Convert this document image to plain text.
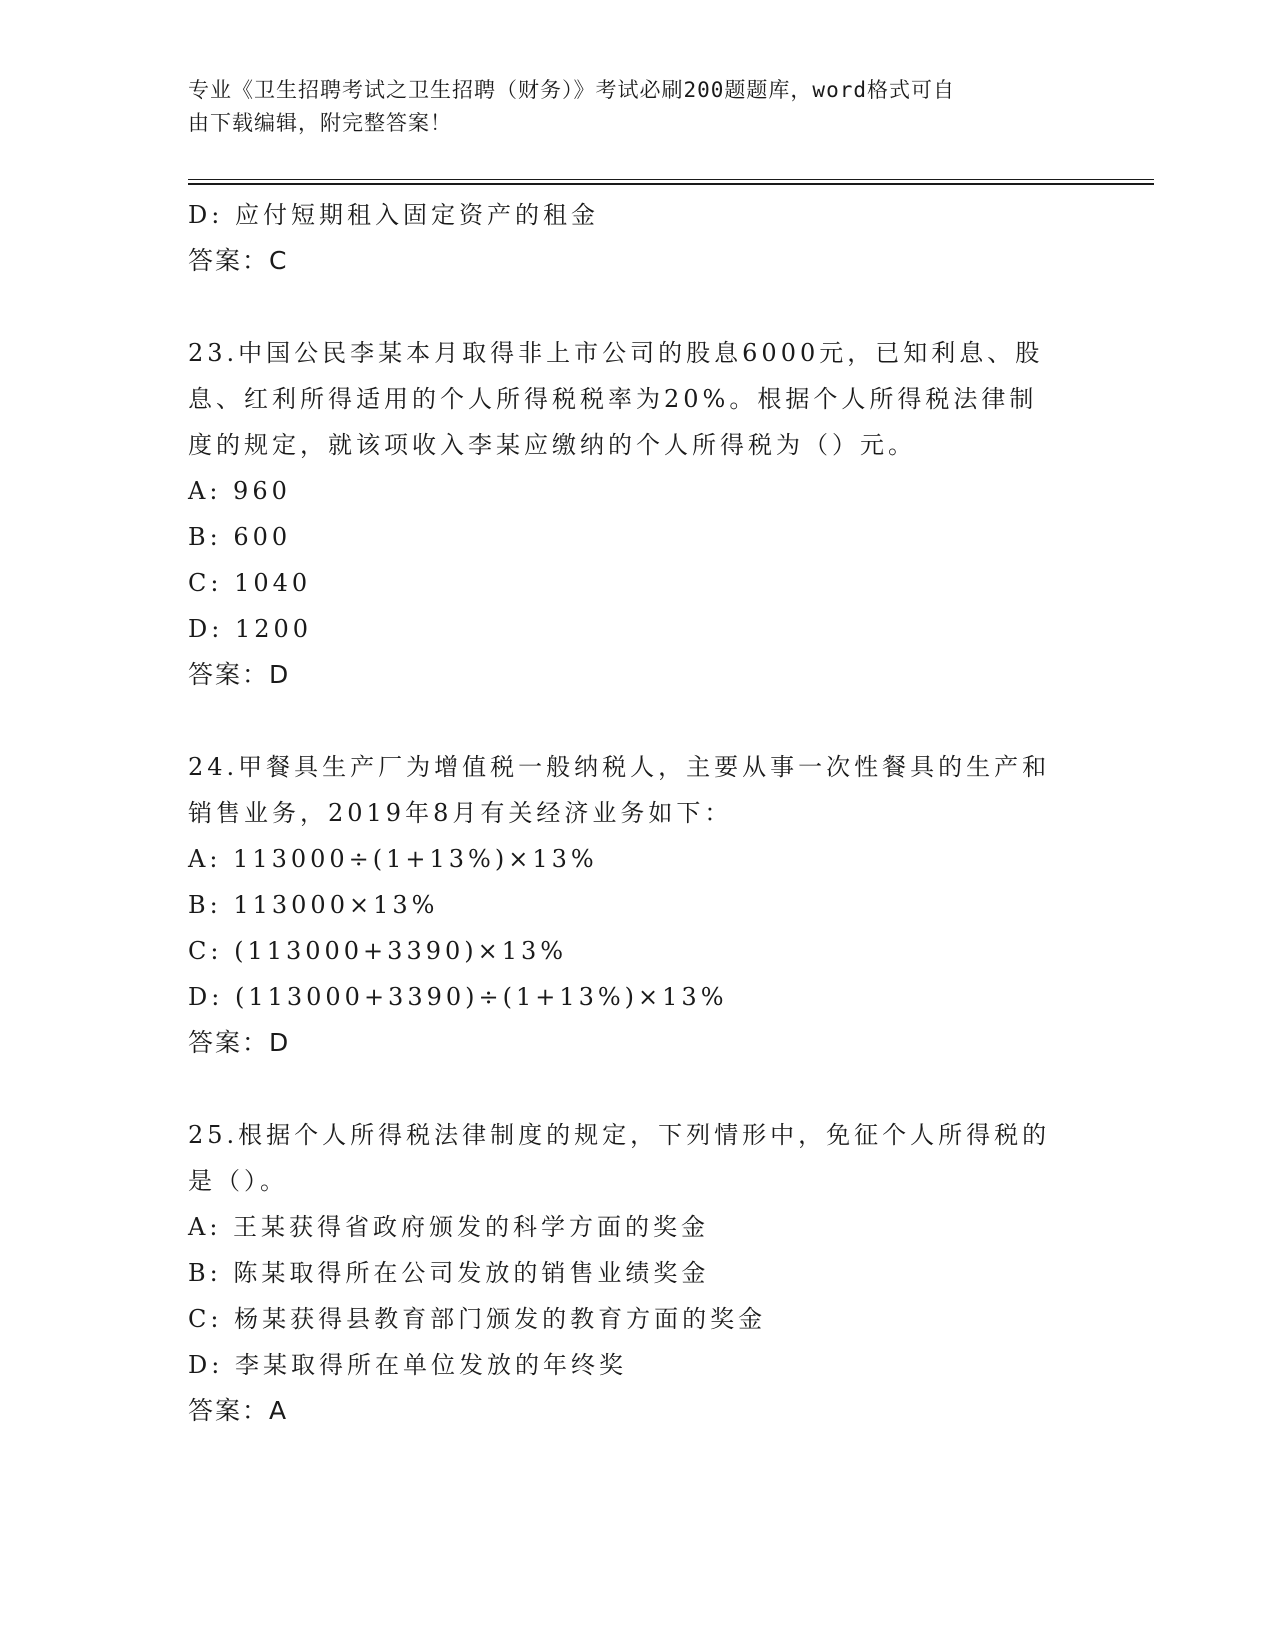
专业《卫生招聘考试之卫生招聘（财务）》考试必刷200题题库，word格式可自
由下载编辑，附完整答案！
D: 应付短期租入固定资产的租金
答案：C
23.中国公民李某本月取得非上市公司的股息6000元，已知利息、股
息、红利所得适用的个人所得税税率为20%。根据个人所得税法律制
度的规定，就该项收入李某应缴纳的个人所得税为（）元。
A: 960
B: 600
C: 1040
D: 1200
答案：D
24.甲餐具生产厂为增值税一般纳税人，主要从事一次性餐具的生产和
销售业务，2019年8月有关经济业务如下：
A: 113000÷(1+13%)×13%
B: 113000×13%
C: (113000+3390)×13%
D: (113000+3390)÷(1+13%)×13%
答案：D
25.根据个人所得税法律制度的规定，下列情形中，免征个人所得税的
是（）。
A: 王某获得省政府颁发的科学方面的奖金
B: 陈某取得所在公司发放的销售业绩奖金
C: 杨某获得县教育部门颁发的教育方面的奖金
D: 李某取得所在单位发放的年终奖
答案：A
